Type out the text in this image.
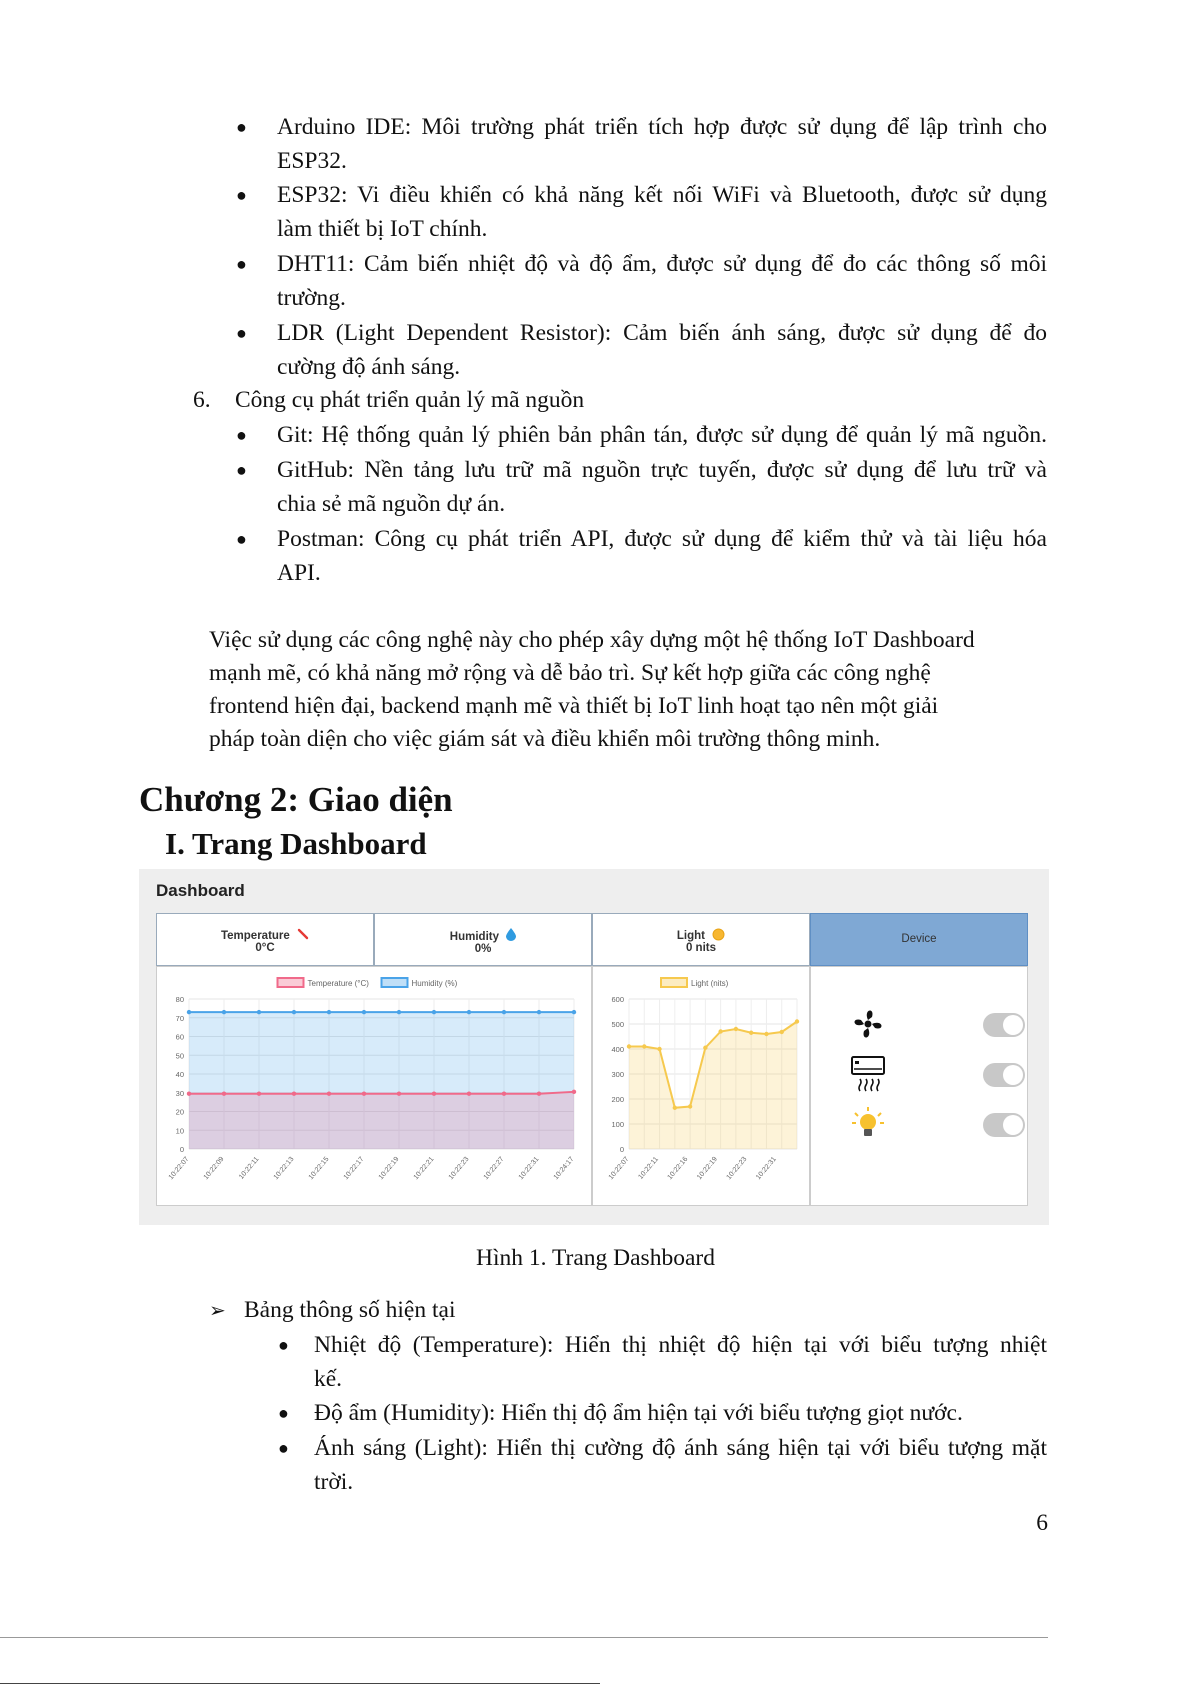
● Arduino IDE: Môi trường phát triển tích hợp được sử dụng để lập trình cho
ESP32.
● ESP32: Vi điều khiển có khả năng kết nối WiFi và Bluetooth, được sử dụng
làm thiết bị IoT chính.
● DHT11: Cảm biến nhiệt độ và độ ẩm, được sử dụng để đo các thông số môi
trường.
● LDR (Light Dependent Resistor): Cảm biến ánh sáng, được sử dụng để đo
cường độ ánh sáng.
6. Công cụ phát triển quản lý mã nguồn
● Git: Hệ thống quản lý phiên bản phân tán, được sử dụng để quản lý mã nguồn.
● GitHub: Nền tảng lưu trữ mã nguồn trực tuyến, được sử dụng để lưu trữ và
chia sẻ mã nguồn dự án.
● Postman: Công cụ phát triển API, được sử dụng để kiểm thử và tài liệu hóa
API.
Việc sử dụng các công nghệ này cho phép xây dựng một hệ thống IoT Dashboard
mạnh mẽ, có khả năng mở rộng và dễ bảo trì. Sự kết hợp giữa các công nghệ
frontend hiện đại, backend mạnh mẽ và thiết bị IoT linh hoạt tạo nên một giải
pháp toàn diện cho việc giám sát và điều khiển môi trường thông minh.
Chương 2: Giao diện
I. Trang Dashboard
Dashboard
Temperature
0°C
Humidity
0%
Light
0 nits
Device
0
10
20
30
40
50
60
70
80
10:22:07 10:22:09 10:22:11 10:22:13 10:22:15 10:22:17 10:22:19 10:22:21 10:22:23 10:22:27 10:22:31 10:24:17
Temperature (°C)	Humidity (%)
0
100
200
300
400
500
600
10:22:07 10:22:11 10:22:16 10:22:19 10:22:23 10:22:31
Light (nits)
Hình 1. Trang Dashboard
➢ Bảng thông số hiện tại
● Nhiệt độ (Temperature): Hiển thị nhiệt độ hiện tại với biểu tượng nhiệt
kế.
● Độ ẩm (Humidity): Hiển thị độ ẩm hiện tại với biểu tượng giọt nước.
● Ánh sáng (Light): Hiển thị cường độ ánh sáng hiện tại với biểu tượng mặt
trời.
6
